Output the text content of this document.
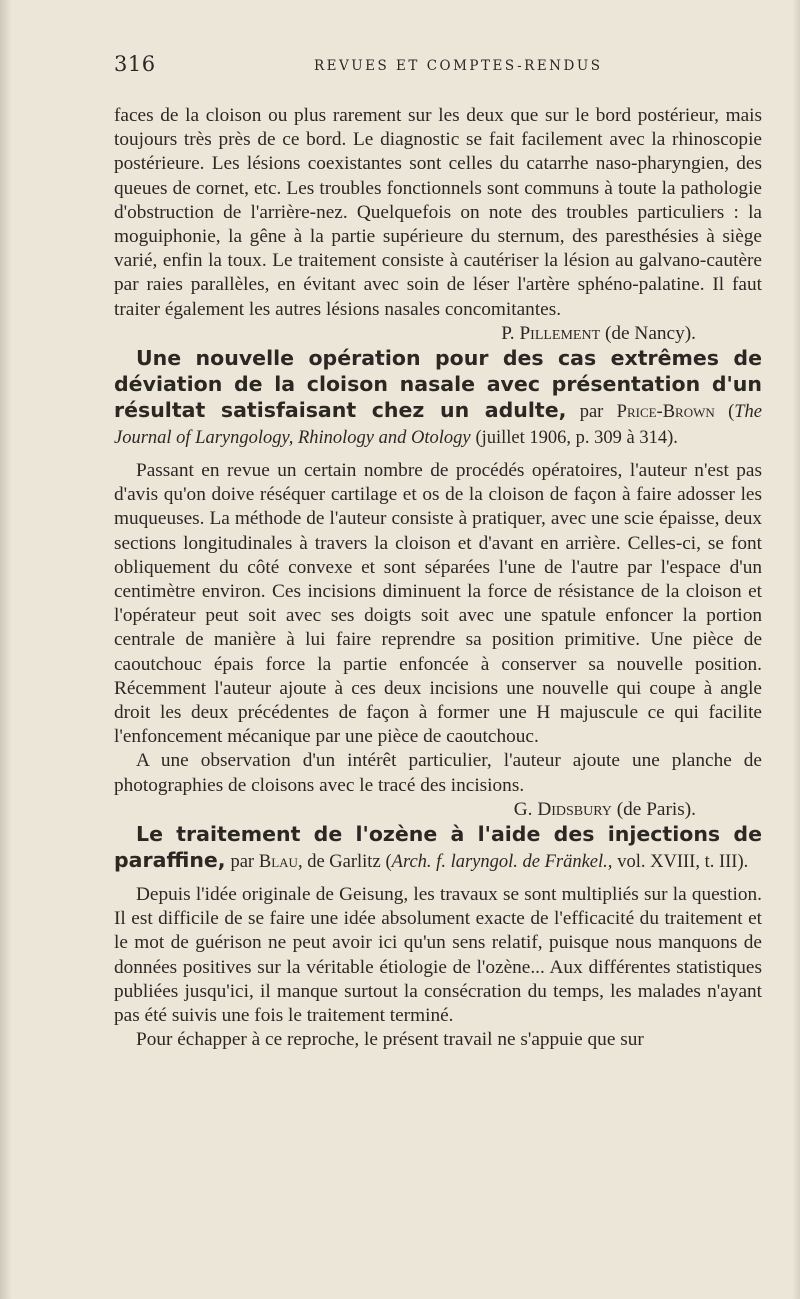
316	REVUES ET COMPTES-RENDUS

faces de la cloison ou plus rarement sur les deux que sur le bord postérieur, mais toujours très près de ce bord. Le diagnostic se fait facilement avec la rhinoscopie postérieure. Les lésions coexistantes sont celles du catarrhe naso-pharyngien, des queues de cornet, etc. Les troubles fonctionnels sont communs à toute la pathologie d'obstruction de l'arrière-nez. Quelquefois on note des troubles particuliers : la moguiphonie, la gêne à la partie supérieure du sternum, des paresthésies à siège varié, enfin la toux. Le traitement consiste à cautériser la lésion au galvano-cautère par raies parallèles, en évitant avec soin de léser l'artère sphéno-palatine. Il faut traiter également les autres lésions nasales concomitantes.

P. Pillement (de Nancy).

Une nouvelle opération pour des cas extrêmes de déviation de la cloison nasale avec présentation d'un résultat satisfaisant chez un adulte, par Price-Brown (The Journal of Laryngology, Rhinology and Otology (juillet 1906, p. 309 à 314).

Passant en revue un certain nombre de procédés opératoires, l'auteur n'est pas d'avis qu'on doive réséquer cartilage et os de la cloison de façon à faire adosser les muqueuses. La méthode de l'auteur consiste à pratiquer, avec une scie épaisse, deux sections longitudinales à travers la cloison et d'avant en arrière. Celles-ci, se font obliquement du côté convexe et sont séparées l'une de l'autre par l'espace d'un centimètre environ. Ces incisions diminuent la force de résistance de la cloison et l'opérateur peut soit avec ses doigts soit avec une spatule enfoncer la portion centrale de manière à lui faire reprendre sa position primitive. Une pièce de caoutchouc épais force la partie enfoncée à conserver sa nouvelle position. Récemment l'auteur ajoute à ces deux incisions une nouvelle qui coupe à angle droit les deux précédentes de façon à former une H majuscule ce qui facilite l'enfoncement mécanique par une pièce de caoutchouc.

A une observation d'un intérêt particulier, l'auteur ajoute une planche de photographies de cloisons avec le tracé des incisions.

G. Didsbury (de Paris).

Le traitement de l'ozène à l'aide des injections de paraffine, par Blau, de Garlitz (Arch. f. laryngol. de Fränkel., vol. XVIII, t. III).

Depuis l'idée originale de Geisung, les travaux se sont multipliés sur la question. Il est difficile de se faire une idée absolument exacte de l'efficacité du traitement et le mot de guérison ne peut avoir ici qu'un sens relatif, puisque nous manquons de données positives sur la véritable étiologie de l'ozène... Aux différentes statistiques publiées jusqu'ici, il manque surtout la consécration du temps, les malades n'ayant pas été suivis une fois le traitement terminé.

Pour échapper à ce reproche, le présent travail ne s'appuie que sur
